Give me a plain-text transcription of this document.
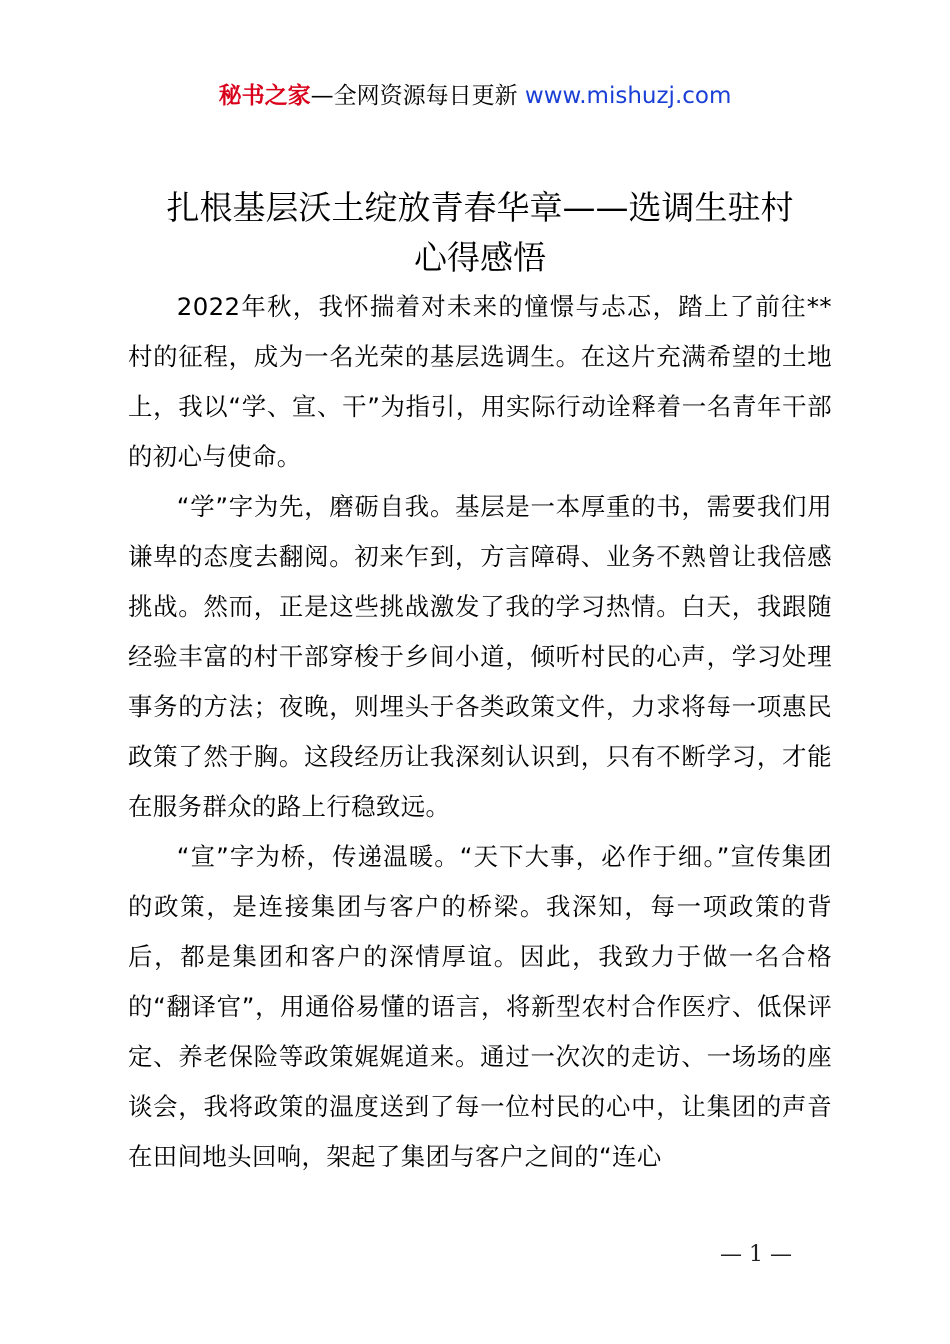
秘书之家—全网资源每日更新 www.mishuzj.com
扎根基层沃土绽放青春华章——选调生驻村
心得感悟

2022年秋，我怀揣着对未来的憧憬与忐忑，踏上了前往**村的征程，成为一名光荣的基层选调生。在这片充满希望的土地上，我以“学、宣、干”为指引，用实际行动诠释着一名青年干部的初心与使命。

“学”字为先，磨砺自我。基层是一本厚重的书，需要我们用谦卑的态度去翻阅。初来乍到，方言障碍、业务不熟曾让我倍感挑战。然而，正是这些挑战激发了我的学习热情。白天，我跟随经验丰富的村干部穿梭于乡间小道，倾听村民的心声，学习处理事务的方法；夜晚，则埋头于各类政策文件，力求将每一项惠民政策了然于胸。这段经历让我深刻认识到，只有不断学习，才能在服务群众的路上行稳致远。

“宣”字为桥，传递温暖。“天下大事，必作于细。”宣传集团的政策，是连接集团与客户的桥梁。我深知，每一项政策的背后，都是集团和客户的深情厚谊。因此，我致力于做一名合格的“翻译官”，用通俗易懂的语言，将新型农村合作医疗、低保评定、养老保险等政策娓娓道来。通过一次次的走访、一场场的座谈会，我将政策的温度送到了每一位村民的心中，让集团的声音在田间地头回响，架起了集团与客户之间的“连心

— 1 —
